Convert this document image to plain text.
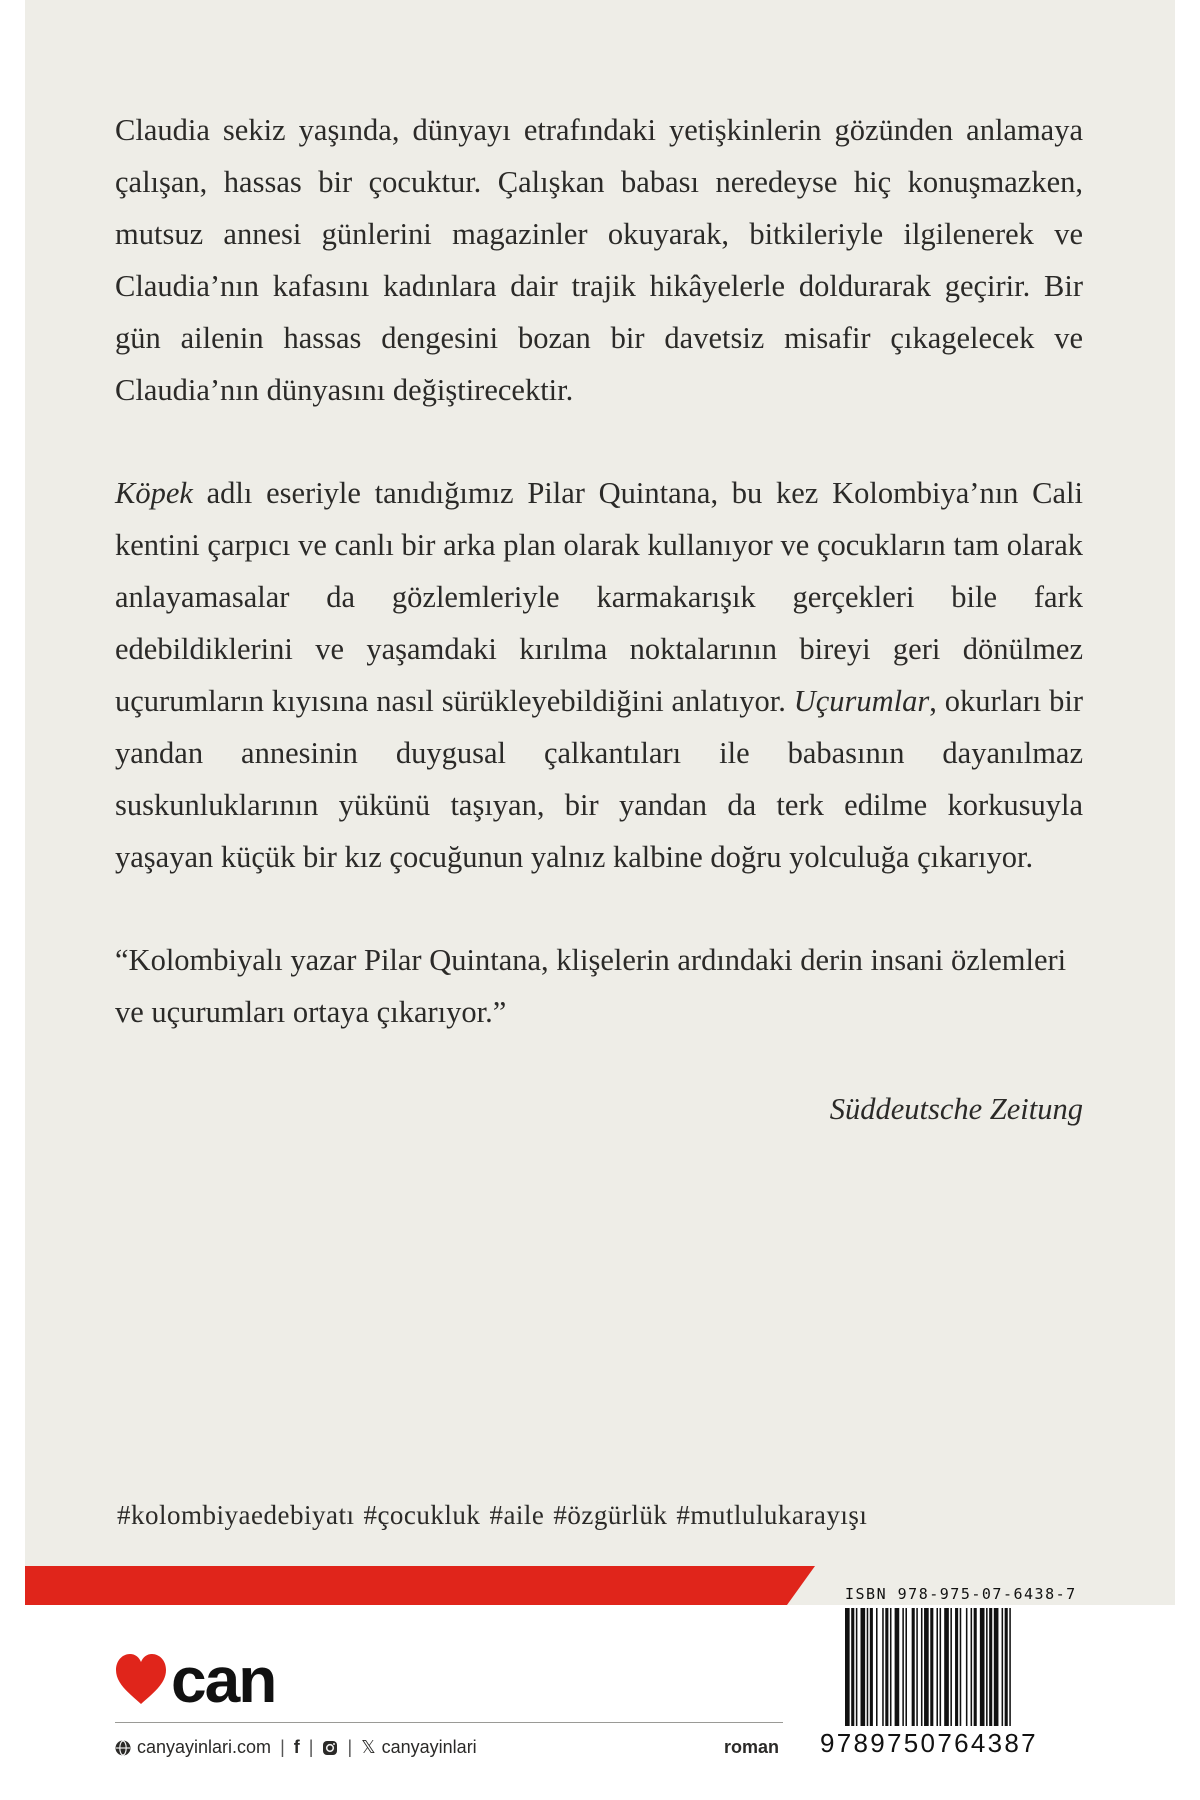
Claudia sekiz yaşında, dünyayı etrafındaki yetişkinlerin gözünden anlamaya çalışan, hassas bir çocuktur. Çalışkan babası neredeyse hiç konuşmazken, mutsuz annesi günlerini magazinler okuyarak, bitkileriyle ilgilenerek ve Claudia’nın kafasını kadınlara dair trajik hikâyelerle doldurarak geçirir. Bir gün ailenin hassas dengesini bozan bir davetsiz misafir çıkagelecek ve Claudia’nın dünyasını değiştirecektir.

Köpek adlı eseriyle tanıdığımız Pilar Quintana, bu kez Kolombiya’nın Cali kentini çarpıcı ve canlı bir arka plan olarak kullanıyor ve çocukların tam olarak anlayamasalar da gözlemleriyle karmakarışık gerçekleri bile fark edebildiklerini ve yaşamdaki kırılma noktalarının bireyi geri dönülmez uçurumların kıyısına nasıl sürükleyebildiğini anlatıyor. Uçurumlar, okurları bir yandan annesinin duygusal çalkantıları ile babasının dayanılmaz suskunluklarının yükünü taşıyan, bir yandan da terk edilme korkusuyla yaşayan küçük bir kız çocuğunun yalnız kalbine doğru yolculuğa çıkarıyor.

“Kolombiyalı yazar Pilar Quintana, klişelerin ardındaki derin insani özlemleri ve uçurumları ortaya çıkarıyor.”

Süddeutsche Zeitung
#kolombiyaedebiyatı #çocukluk #aile #özgürlük #mutlulukarayışı
can
canyayinlari.com | f | | 𝕏 canyayinlari	roman
ISBN 978-975-07-6438-7
9789750764387
